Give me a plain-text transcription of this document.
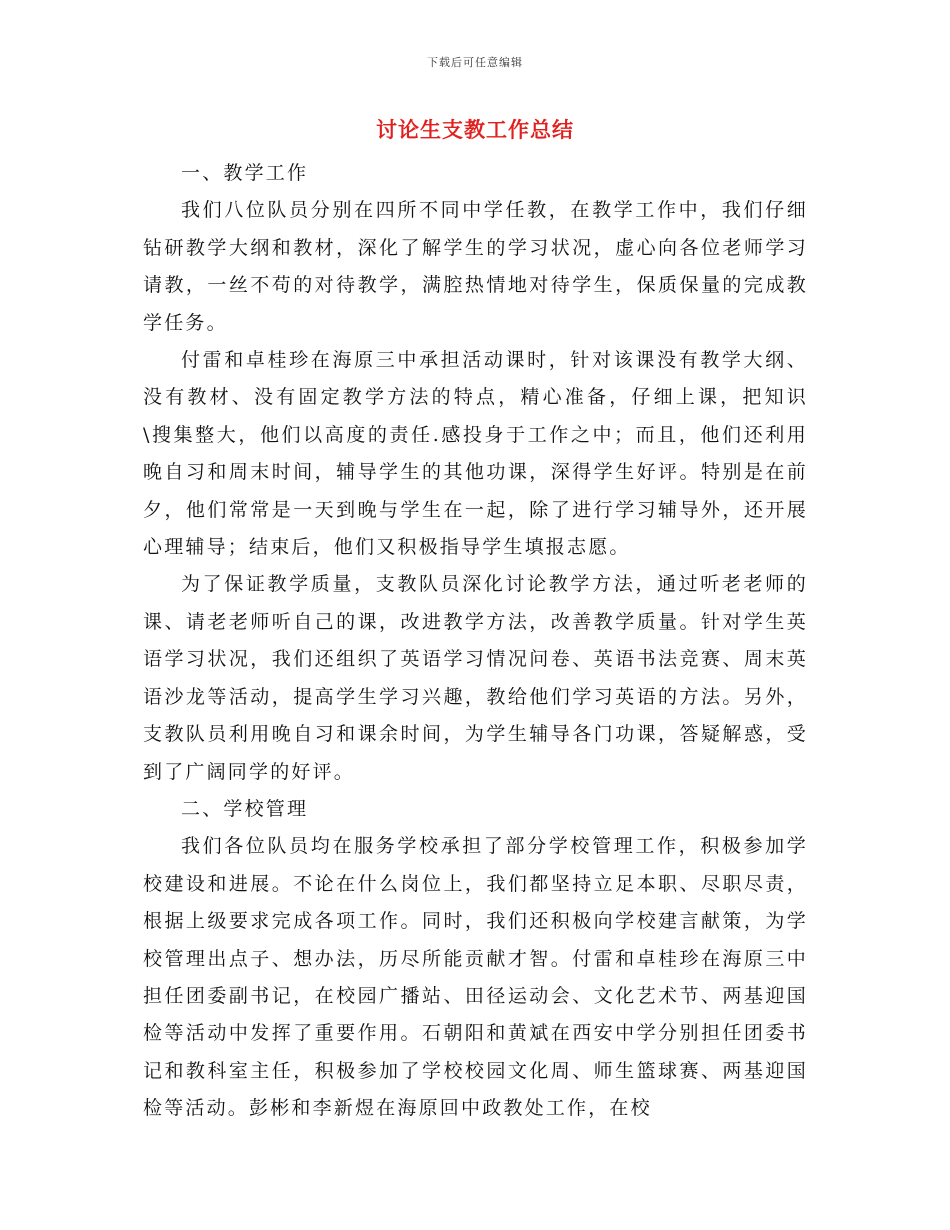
下载后可任意编辑
讨论生支教工作总结

一、教学工作

我们八位队员分别在四所不同中学任教，在教学工作中，我们仔细钻研教学大纲和教材，深化了解学生的学习状况，虚心向各位老师学习请教，一丝不苟的对待教学，满腔热情地对待学生，保质保量的完成教学任务。

付雷和卓桂珍在海原三中承担活动课时，针对该课没有教学大纲、没有教材、没有固定教学方法的特点，精心准备，仔细上课，把知识\搜集整大，他们以高度的责任.感投身于工作之中；而且，他们还利用晚自习和周末时间，辅导学生的其他功课，深得学生好评。特别是在前夕，他们常常是一天到晚与学生在一起，除了进行学习辅导外，还开展心理辅导；结束后，他们又积极指导学生填报志愿。

为了保证教学质量，支教队员深化讨论教学方法，通过听老老师的课、请老老师听自己的课，改进教学方法，改善教学质量。针对学生英语学习状况，我们还组织了英语学习情况问卷、英语书法竞赛、周末英语沙龙等活动，提高学生学习兴趣，教给他们学习英语的方法。另外，支教队员利用晚自习和课余时间，为学生辅导各门功课，答疑解惑，受到了广阔同学的好评。

二、学校管理

我们各位队员均在服务学校承担了部分学校管理工作，积极参加学校建设和进展。不论在什么岗位上，我们都坚持立足本职、尽职尽责，根据上级要求完成各项工作。同时，我们还积极向学校建言献策，为学校管理出点子、想办法，历尽所能贡献才智。付雷和卓桂珍在海原三中担任团委副书记，在校园广播站、田径运动会、文化艺术节、两基迎国检等活动中发挥了重要作用。石朝阳和黄斌在西安中学分别担任团委书记和教科室主任，积极参加了学校校园文化周、师生篮球赛、两基迎国检等活动。彭彬和李新煜在海原回中政教处工作，在校
